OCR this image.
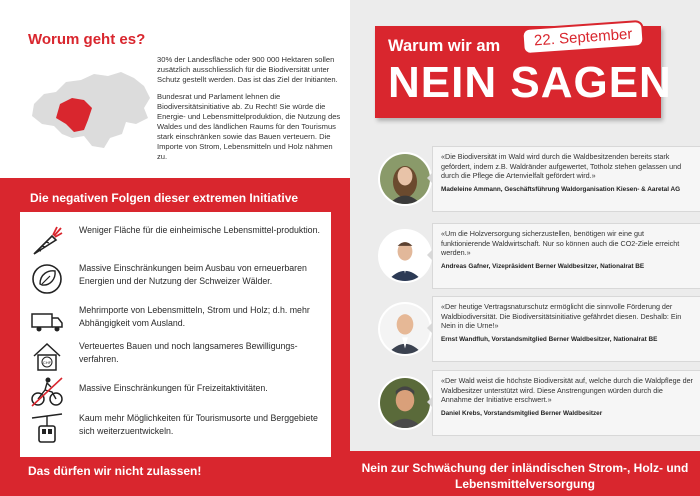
Worum geht es?

30% der Landesfläche oder 900 000 Hektaren sollen zusätzlich ausschliesslich für die Biodiversität unter Schutz gestellt werden. Das ist das Ziel der Initianten.

Bundesrat und Parlament lehnen die Biodiversitätsinitiative ab. Zu Recht! Sie würde die Energie- und Lebensmittelproduktion, die Nutzung des Waldes und des ländlichen Raums für den Tourismus stark einschränken sowie das Bauen verteuern. Die Importe von Strom, Lebensmitteln und Holz nähmen zu.

Die negativen Folgen dieser extremen Initiative
Weniger Fläche für die einheimische Lebensmittel-produktion.
Massive Einschränkungen beim Ausbau von erneuerbaren Energien und der Nutzung der Schweizer Wälder.
Mehrimporte von Lebensmitteln, Strom und Holz; d.h. mehr Abhängigkeit vom Ausland.
CHF
Verteuertes Bauen und noch langsameres Bewilligungs-verfahren.
Massive Einschränkungen für Freizeitaktivitäten.
Kaum mehr Möglichkeiten für Tourismusorte und Berggebiete sich weiterzuentwickeln.
Das dürfen wir nicht zulassen!
Warum wir am	22. September
NEIN SAGEN
«Die Biodiversität im Wald wird durch die Waldbesitzenden bereits stark gefördert, indem z.B. Waldränder aufgewertet, Totholz stehen gelassen und durch die Pflege die Artenvielfalt gefördert wird.»
Madeleine Ammann, Geschäftsführung Waldorganisation Kiesen- & Aaretal AG
«Um die Holzversorgung sicherzustellen, benötigen wir eine gut funktionierende Waldwirtschaft. Nur so können auch die CO2-Ziele erreicht werden.»
Andreas Gafner, Vizepräsident Berner Waldbesitzer, Nationalrat BE
«Der heutige Vertragsnaturschutz ermöglicht die sinnvolle Förderung der Waldbiodiversität. Die Biodiversitätsinitiative gefährdet diesen. Deshalb: Ein Nein in die Urne!»
Ernst Wandfluh, Vorstandsmitglied Berner Waldbesitzer, Nationalrat BE
«Der Wald weist die höchste Biodiversität auf, welche durch die Waldpflege der Waldbesitzer unterstützt wird. Diese Anstrengungen würden durch die Annahme der Initiative erschwert.»
Daniel Krebs, Vorstandsmitglied Berner Waldbesitzer
Nein zur Schwächung der inländischen Strom-, Holz- und Lebensmittelversorgung
